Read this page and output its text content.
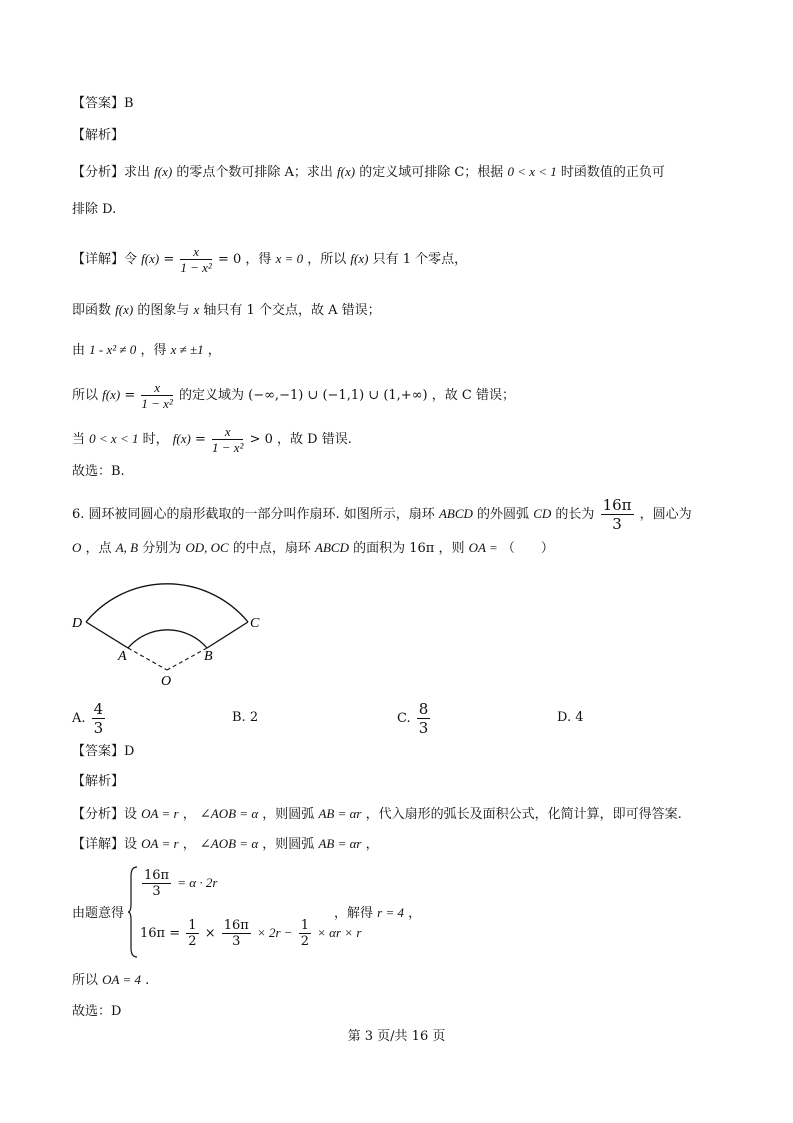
【答案】B
【解析】
【分析】求出 f(x) 的零点个数可排除 A；求出 f(x) 的定义域可排除 C；根据 0 < x < 1 时函数值的正负可
排除 D.
【详解】令 $f(x) = \frac{x}{\text{1 − x²}} = 0$ ，得 x = 0 ，所以 f(x) 只有 1 个零点，
即函数 f(x) 的图象与 x 轴只有 1 个交点，故 A 错误；
由 1 - x² ≠ 0 ，得 x ≠ ±1 ，
所以 $f(x) = \frac{x}{\text{1 − x²}}$ 的定义域为 (−∞,−1) ∪ (−1,1) ∪ (1,+∞) ，故 C 错误；
当 0 < x < 1 时， $f(x) = \frac{x}{\text{1 − x²}} > 0$ ，故 D 错误.
故选：B.
6. 圆环被同圆心的扇形截取的一部分叫作扇环. 如图所示，扇环 ABCD 的外圆弧 CD 的长为 $\frac{16\pi}{3}$ ，圆心为
O ，点 A, B 分别为 OD, OC 的中点，扇环 ABCD 的面积为 16π ，则 OA = （　　）
D	C
A	B
O
A. $\frac{4}{3}$	B. 2	C. $\frac{8}{3}$	D. 4
【答案】D
【解析】
【分析】设 OA = r ， ∠AOB = α ，则圆弧 AB = αr ，代入扇形的弧长及面积公式，化简计算，即可得答案.
【详解】设 OA = r ， ∠AOB = α ，则圆弧 AB = αr ，
由题意得
$\frac{16\pi}{3} = \alpha \cdot 2r$
$16\pi = \frac{1}{2} \times \frac{16\pi}{3} \times 2r - \frac{1}{2} \times \alpha r \times r$
，解得 r = 4 ，
所以 OA = 4 .
故选：D
第 3 页/共 16 页
